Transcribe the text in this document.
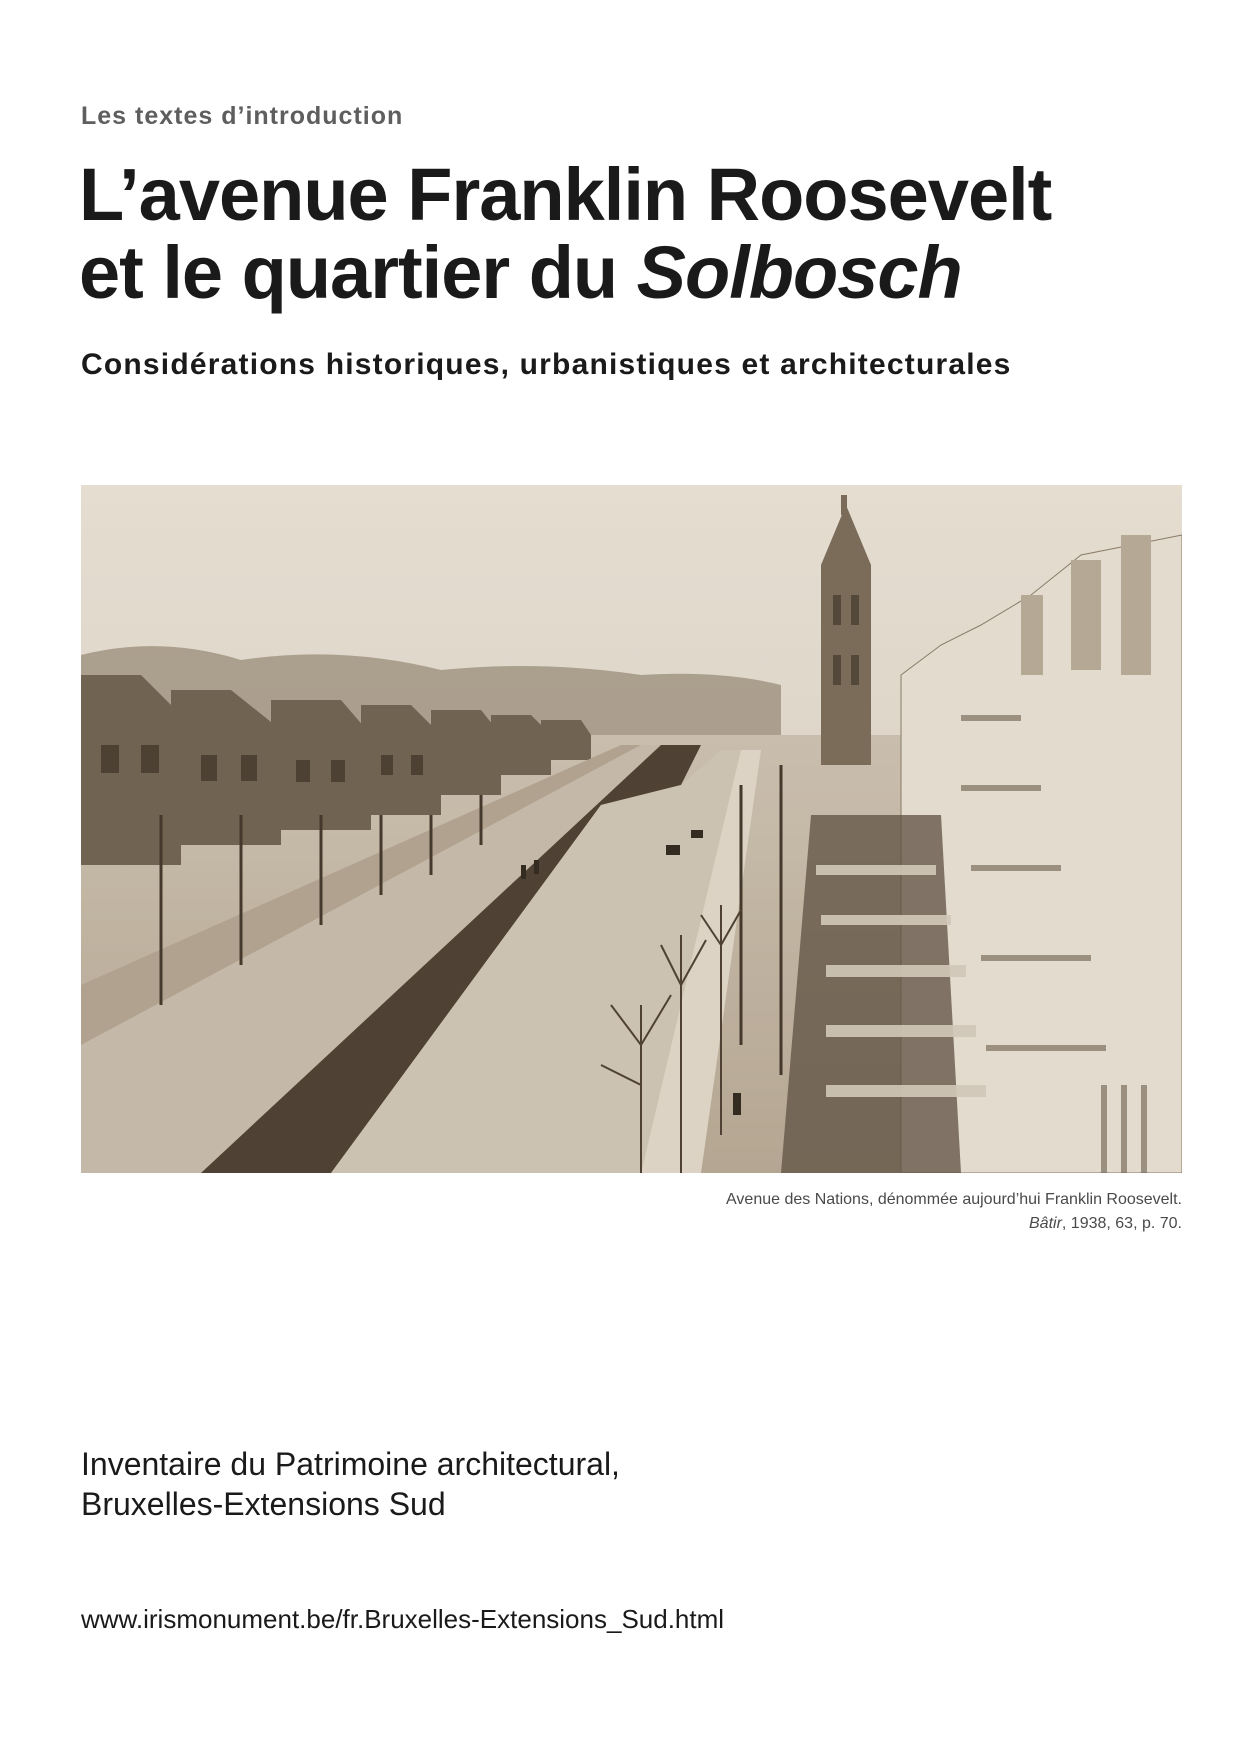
Les textes d’introduction

L’avenue Franklin Roosevelt
et le quartier du Solbosch

Considérations historiques, urbanistiques et architecturales

Avenue des Nations, dénommée aujourd’hui Franklin Roosevelt.
Bâtir, 1938, 63, p. 70.
Inventaire du Patrimoine architectural,
Bruxelles-Extensions Sud
www.irismonument.be/fr.Bruxelles-Extensions_Sud.html
